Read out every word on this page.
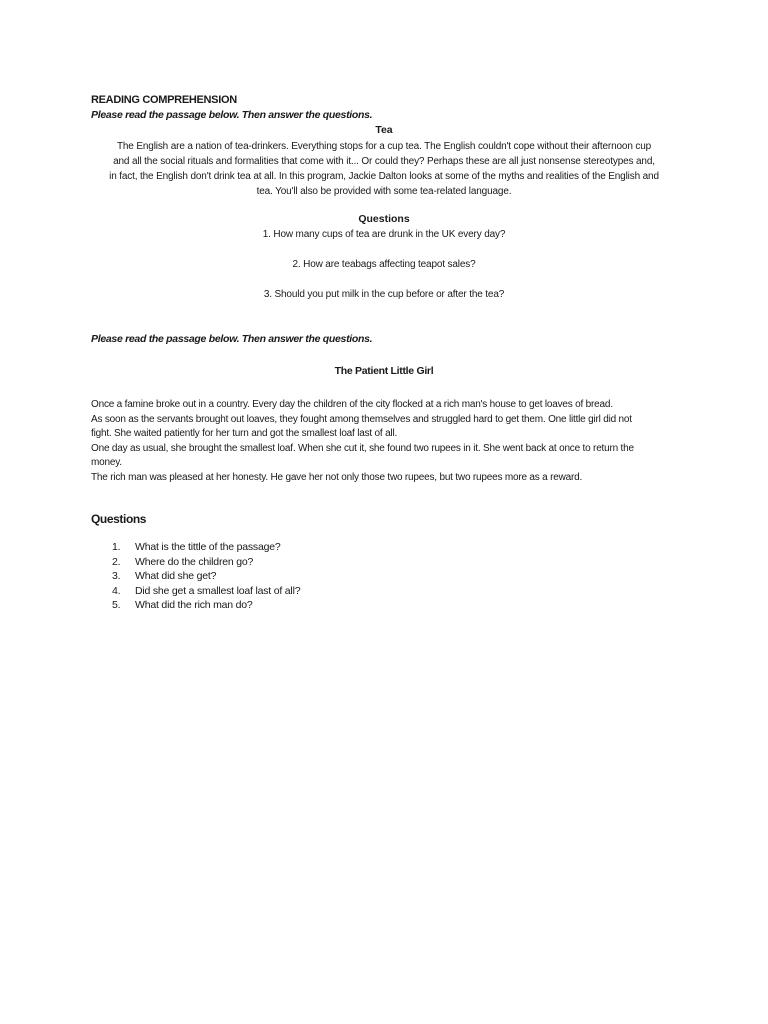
READING COMPREHENSION
Please read the passage below. Then answer the questions.
Tea
The English are a nation of tea-drinkers. Everything stops for a cup tea. The English couldn't cope without their afternoon cup
and all the social rituals and formalities that come with it... Or could they? Perhaps these are all just nonsense stereotypes and,
in fact, the English don't drink tea at all. In this program, Jackie Dalton looks at some of the myths and realities of the English and
tea. You'll also be provided with some tea-related language.
Questions
1. How many cups of tea are drunk in the UK every day?
2. How are teabags affecting teapot sales?
3. Should you put milk in the cup before or after the tea?
Please read the passage below. Then answer the questions.
The Patient Little Girl

Once a famine broke out in a country. Every day the children of the city flocked at a rich man's house to get loaves of bread.

As soon as the servants brought out loaves, they fought among themselves and struggled hard to get them. One little girl did not

fight. She waited patiently for her turn and got the smallest loaf last of all.

One day as usual, she brought the smallest loaf. When she cut it, she found two rupees in it. She went back at once to return the

money.

The rich man was pleased at her honesty. He gave her not only those two rupees, but two rupees more as a reward.

Questions
1.	What is the tittle of the passage?
2.	Where do the children go?
3.	What did she get?
4.	Did she get a smallest loaf last of all?
5.	What did the rich man do?
